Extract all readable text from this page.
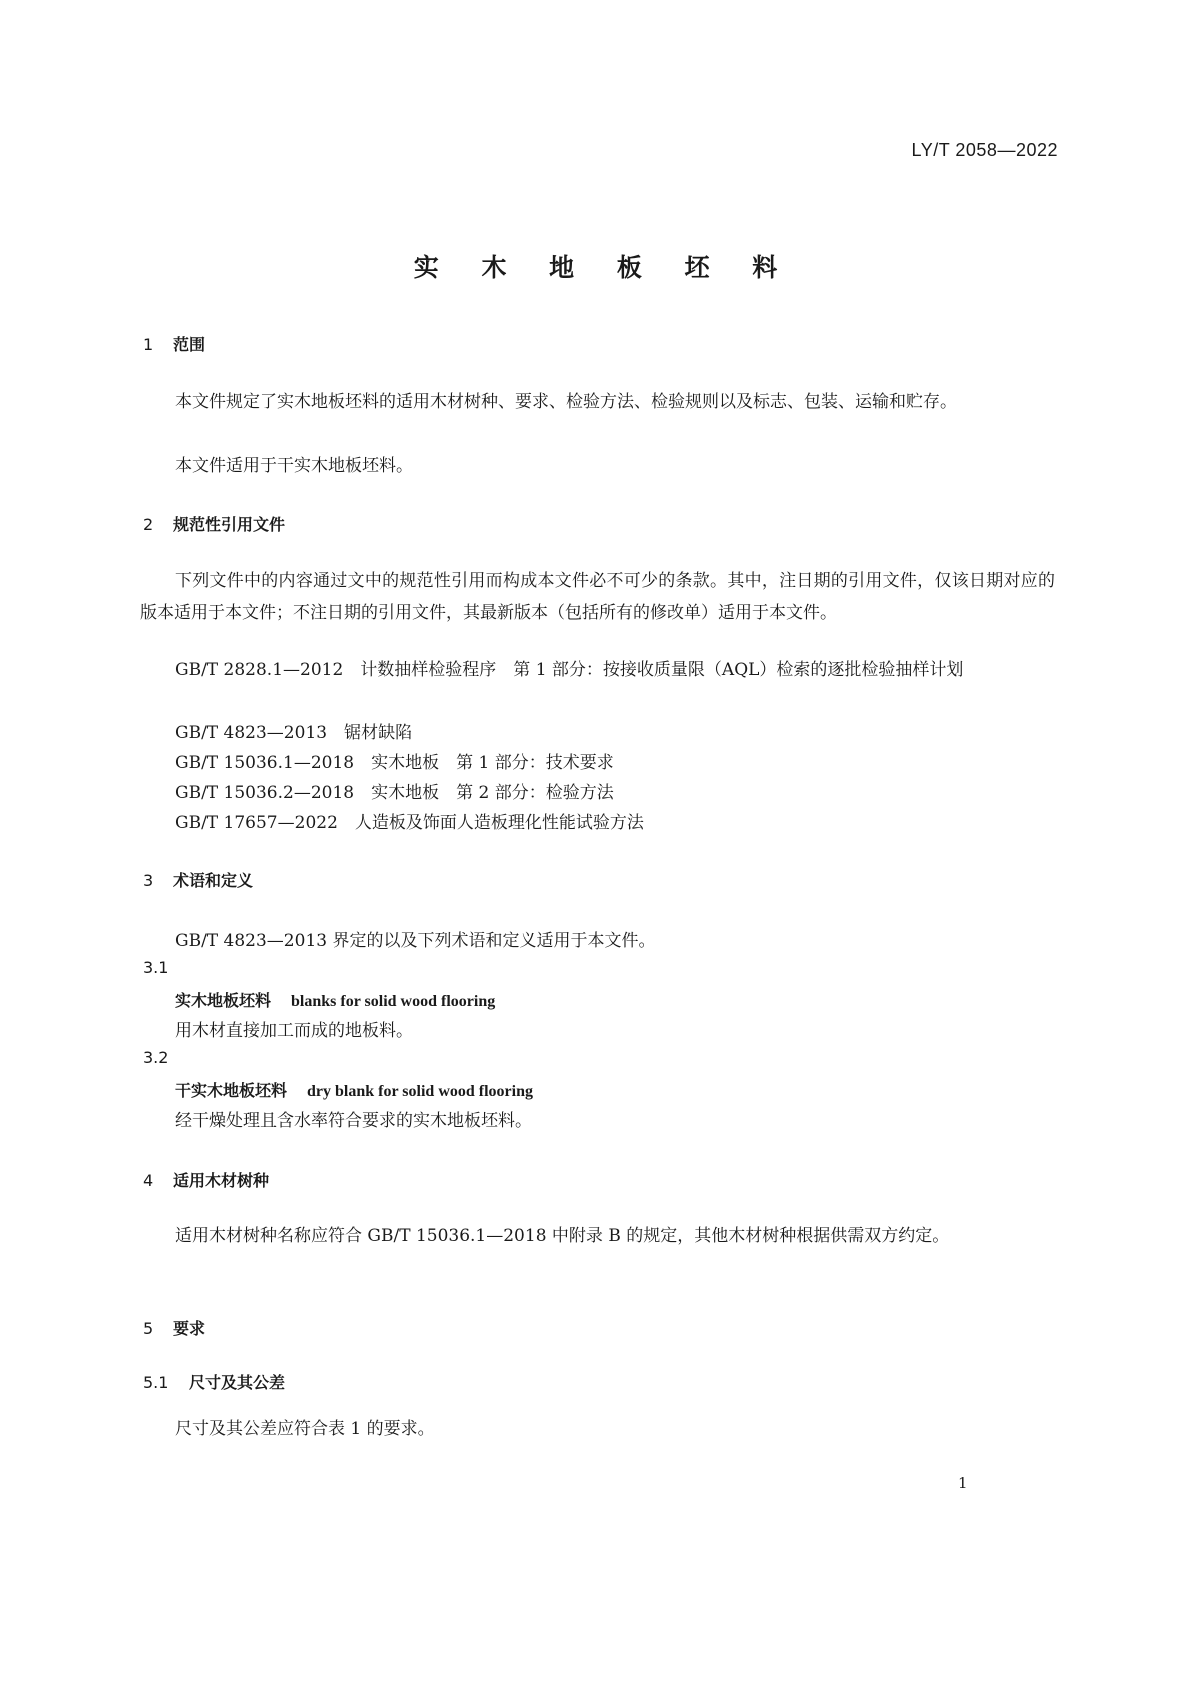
LY/T 2058—2022
实 木 地 板 坯 料
1 范围
本文件规定了实木地板坯料的适用木材树种、要求、检验方法、检验规则以及标志、包装、运输和贮存。
本文件适用于干实木地板坯料。
2 规范性引用文件
下列文件中的内容通过文中的规范性引用而构成本文件必不可少的条款。其中，注日期的引用文件，仅该日期对应的版本适用于本文件；不注日期的引用文件，其最新版本（包括所有的修改单）适用于本文件。
GB/T 2828.1—2012　计数抽样检验程序　第 1 部分：按接收质量限（AQL）检索的逐批检验抽样计划
GB/T 4823—2013　锯材缺陷
GB/T 15036.1—2018　实木地板　第 1 部分：技术要求
GB/T 15036.2—2018　实木地板　第 2 部分：检验方法
GB/T 17657—2022　人造板及饰面人造板理化性能试验方法
3 术语和定义
GB/T 4823—2013 界定的以及下列术语和定义适用于本文件。
3.1
实木地板坯料 blanks for solid wood flooring
用木材直接加工而成的地板料。
3.2
干实木地板坯料 dry blank for solid wood flooring
经干燥处理且含水率符合要求的实木地板坯料。
4 适用木材树种
适用木材树种名称应符合 GB/T 15036.1—2018 中附录 B 的规定，其他木材树种根据供需双方约定。
5 要求
5.1 尺寸及其公差
尺寸及其公差应符合表 1 的要求。
1
